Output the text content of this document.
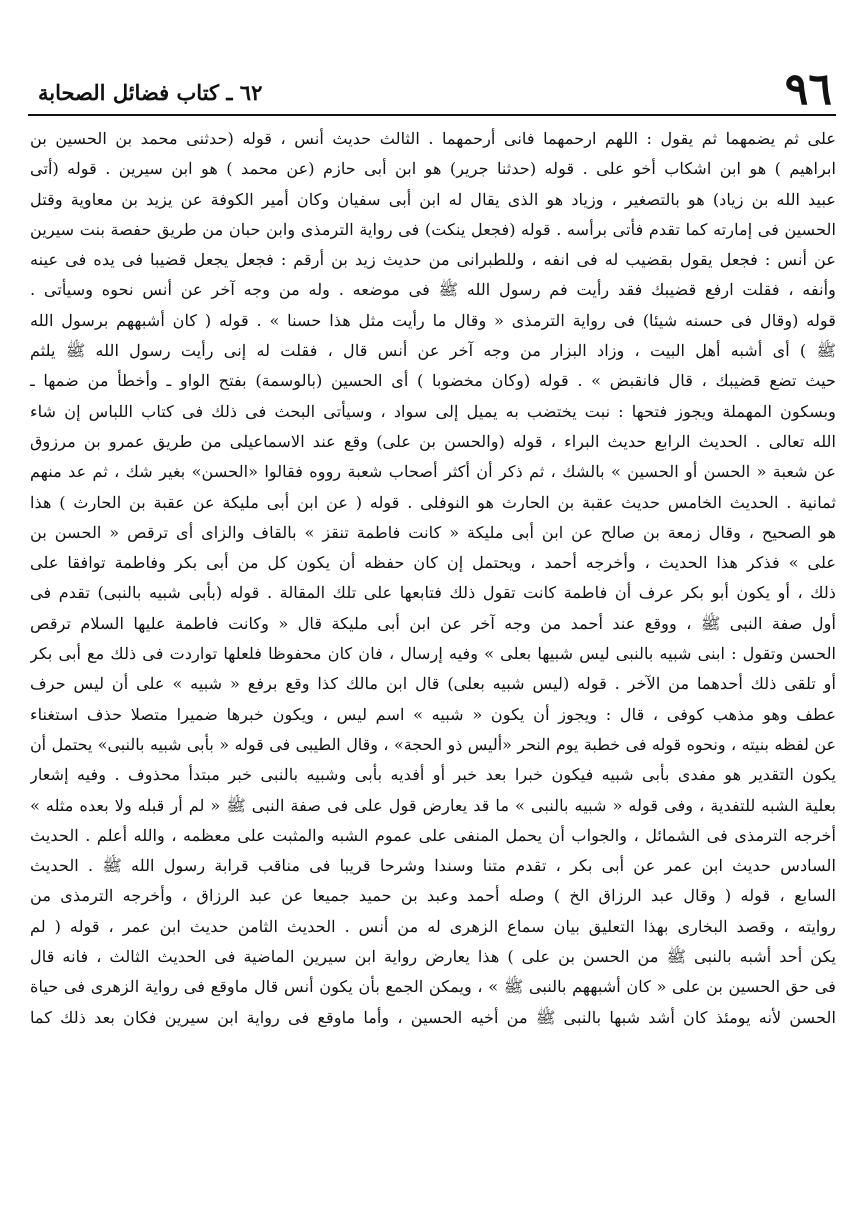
٩٦
٦٢ ـ كتاب فضائل الصحابة
على ثم يضمهما ثم يقول : اللهم ارحمهما فانى أرحمهما . الثالث حديث أنس ، قوله (حدثنى محمد بن الحسين بن
ابراهيم ) هو ابن اشكاب أخو على . قوله (حدثنا جرير) هو ابن أبى حازم (عن محمد ) هو ابن سيرين . قوله (أتى
عبيد الله بن زياد) هو بالتصغير ، وزياد هو الذى يقال له ابن أبى سفيان وكان أمير الكوفة عن يزيد بن معاوية وقتل
الحسين فى إمارته كما تقدم فأتى برأسه . قوله (فجعل ينكت) فى رواية الترمذى وابن حبان من طريق حفصة بنت سيرين
عن أنس : فجعل يقول بقضيب له فى انفه ، وللطبرانى من حديث زيد بن أرقم : فجعل يجعل قضيبا فى يده فى عينه
وأنفه ، فقلت ارفع قضيبك فقد رأيت فم رسول الله ﷺ فى موضعه . وله من وجه آخر عن أنس نحوه وسيأتى .
قوله (وقال فى حسنه شيئا) فى رواية الترمذى « وقال ما رأيت مثل هذا حسنا » . قوله ( كان أشبههم برسول الله
ﷺ ) أى أشبه أهل البيت ، وزاد البزار من وجه آخر عن أنس قال ، فقلت له إنى رأيت رسول الله ﷺ يلثم
حيث تضع قضيبك ، قال فانقبض » . قوله (وكان مخضوبا ) أى الحسين (بالوسمة) بفتح الواو ـ وأخطأ من ضمها ـ
وبسكون المهملة ويجوز فتحها : نبت يختضب به يميل إلى سواد ، وسيأتى البحث فى ذلك فى كتاب اللباس إن شاء
الله تعالى . الحديث الرابع حديث البراء ، قوله (والحسن بن على) وقع عند الاسماعيلى من طريق عمرو بن مرزوق
عن شعبة « الحسن أو الحسين » بالشك ، ثم ذكر أن أكثر أصحاب شعبة رووه فقالوا «الحسن» بغير شك ، ثم عد منهم
ثمانية . الحديث الخامس حديث عقبة بن الحارث هو النوفلى . قوله ( عن ابن أبى مليكة عن عقبة بن الحارث ) هذا
هو الصحيح ، وقال زمعة بن صالح عن ابن أبى مليكة « كانت فاطمة تنقز » بالقاف والزاى أى ترقص « الحسن بن
على » فذكر هذا الحديث ، وأخرجه أحمد ، ويحتمل إن كان حفظه أن يكون كل من أبى بكر وفاطمة توافقا على
ذلك ، أو يكون أبو بكر عرف أن فاطمة كانت تقول ذلك فتابعها على تلك المقالة . قوله (بأبى شبيه بالنبى) تقدم فى
أول صفة النبى ﷺ ، ووقع عند أحمد من وجه آخر عن ابن أبى مليكة قال « وكانت فاطمة عليها السلام ترقص
الحسن وتقول : ابنى شبيه بالنبى ليس شبيها بعلى » وفيه إرسال ، فان كان محفوظا فلعلها تواردت فى ذلك مع أبى بكر
أو تلقى ذلك أحدهما من الآخر . قوله (ليس شبيه بعلى) قال ابن مالك كذا وقع برفع « شبيه » على أن ليس حرف
عطف وهو مذهب كوفى ، قال : ويجوز أن يكون « شبيه » اسم ليس ، ويكون خبرها ضميرا متصلا حذف استغناء
عن لفظه بنيته ، ونحوه قوله فى خطبة يوم النحر «أليس ذو الحجة» ، وقال الطيبى فى قوله « بأبى شبيه بالنبى» يحتمل أن
يكون التقدير هو مفدى بأبى شبيه فيكون خبرا بعد خبر أو أفديه بأبى وشبيه بالنبى خبر مبتدأ محذوف . وفيه إشعار
بعلية الشبه للتفدية ، وفى قوله « شبيه بالنبى » ما قد يعارض قول على فى صفة النبى ﷺ « لم أر قبله ولا بعده مثله »
أخرجه الترمذى فى الشمائل ، والجواب أن يحمل المنفى على عموم الشبه والمثبت على معظمه ، والله أعلم . الحديث
السادس حديث ابن عمر عن أبى بكر ، تقدم متنا وسندا وشرحا قريبا فى مناقب قرابة رسول الله ﷺ . الحديث
السابع ، قوله ( وقال عبد الرزاق الخ ) وصله أحمد وعبد بن حميد جميعا عن عبد الرزاق ، وأخرجه الترمذى من
روايته ، وقصد البخارى بهذا التعليق بيان سماع الزهرى له من أنس . الحديث الثامن حديث ابن عمر ، قوله ( لم
يكن أحد أشبه بالنبى ﷺ من الحسن بن على ) هذا يعارض رواية ابن سيرين الماضية فى الحديث الثالث ، فانه قال
فى حق الحسين بن على « كان أشبههم بالنبى ﷺ » ، ويمكن الجمع بأن يكون أنس قال ماوقع فى رواية الزهرى فى حياة
الحسن لأنه يومئذ كان أشد شبها بالنبى ﷺ من أخيه الحسين ، وأما ماوقع فى رواية ابن سيرين فكان بعد ذلك كما
